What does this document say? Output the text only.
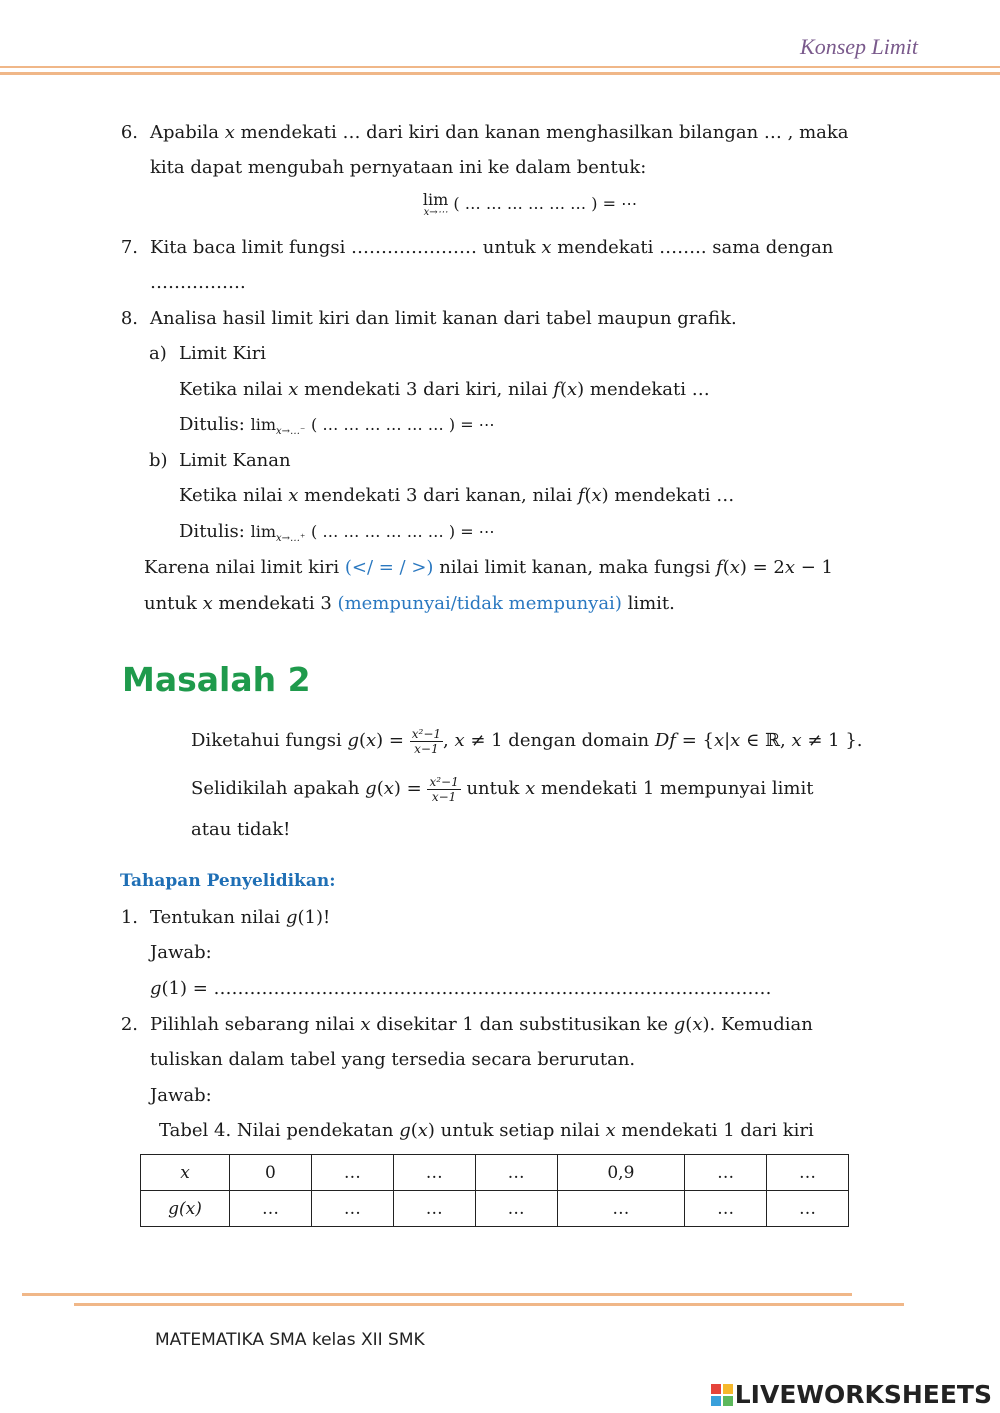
Konsep Limit
6. Apabila 𝑥 mendekati … dari kiri dan kanan menghasilkan bilangan … , maka
kita dapat mengubah pernyataan ini ke dalam bentuk:
lim
𝑥→⋯ ( … … … … … … ) = ⋯
7. Kita baca limit fungsi ………………… untuk 𝑥 mendekati …….. sama dengan
…………….
8. Analisa hasil limit kiri dan limit kanan dari tabel maupun grafik.
a) Limit Kiri
Ketika nilai 𝑥 mendekati 3 dari kiri, nilai 𝑓(𝑥) mendekati …
Ditulis: $\lim_{𝑥\to\dots^-}$ ( … … … … … … ) = ⋯
b) Limit Kanan
Ketika nilai 𝑥 mendekati 3 dari kanan, nilai 𝑓(𝑥) mendekati …
Ditulis: $\lim_{𝑥\to\dots^+}$ ( … … … … … … ) = ⋯
Karena nilai limit kiri (</ = / >) nilai limit kanan, maka fungsi 𝑓(𝑥) = 2𝑥 − 1
untuk 𝑥 mendekati 3 (mempunyai/tidak mempunyai) limit.
Masalah 2
Diketahui fungsi 𝑔(𝑥) = $\frac{\text{𝑥²−1}}{\text{𝑥−1}}$ , 𝑥 ≠ 1 dengan domain 𝐷𝑓 = {𝑥|𝑥 ∈ ℝ, 𝑥 ≠ 1 }.
Selidikilah apakah 𝑔(𝑥) = $\frac{\text{𝑥²−1}}{\text{𝑥−1}}$ untuk 𝑥 mendekati 1 mempunyai limit
atau tidak!
Tahapan Penyelidikan:
1. Tentukan nilai 𝑔(1)!
Jawab:
𝑔(1) = …………………………………………………………………………………
2. Pilihlah sebarang nilai 𝑥 disekitar 1 dan substitusikan ke 𝑔(𝑥). Kemudian
tuliskan dalam tabel yang tersedia secara berurutan.
Jawab:
Tabel 4. Nilai pendekatan 𝑔(𝑥) untuk setiap nilai 𝑥 mendekati 1 dari kiri
𝑥	0	…	…	…	0,9	…	…
𝑔(𝑥)	…	…	…	…	…	…	…
MATEMATIKA SMA kelas XII SMK
LIVEWORKSHEETS
